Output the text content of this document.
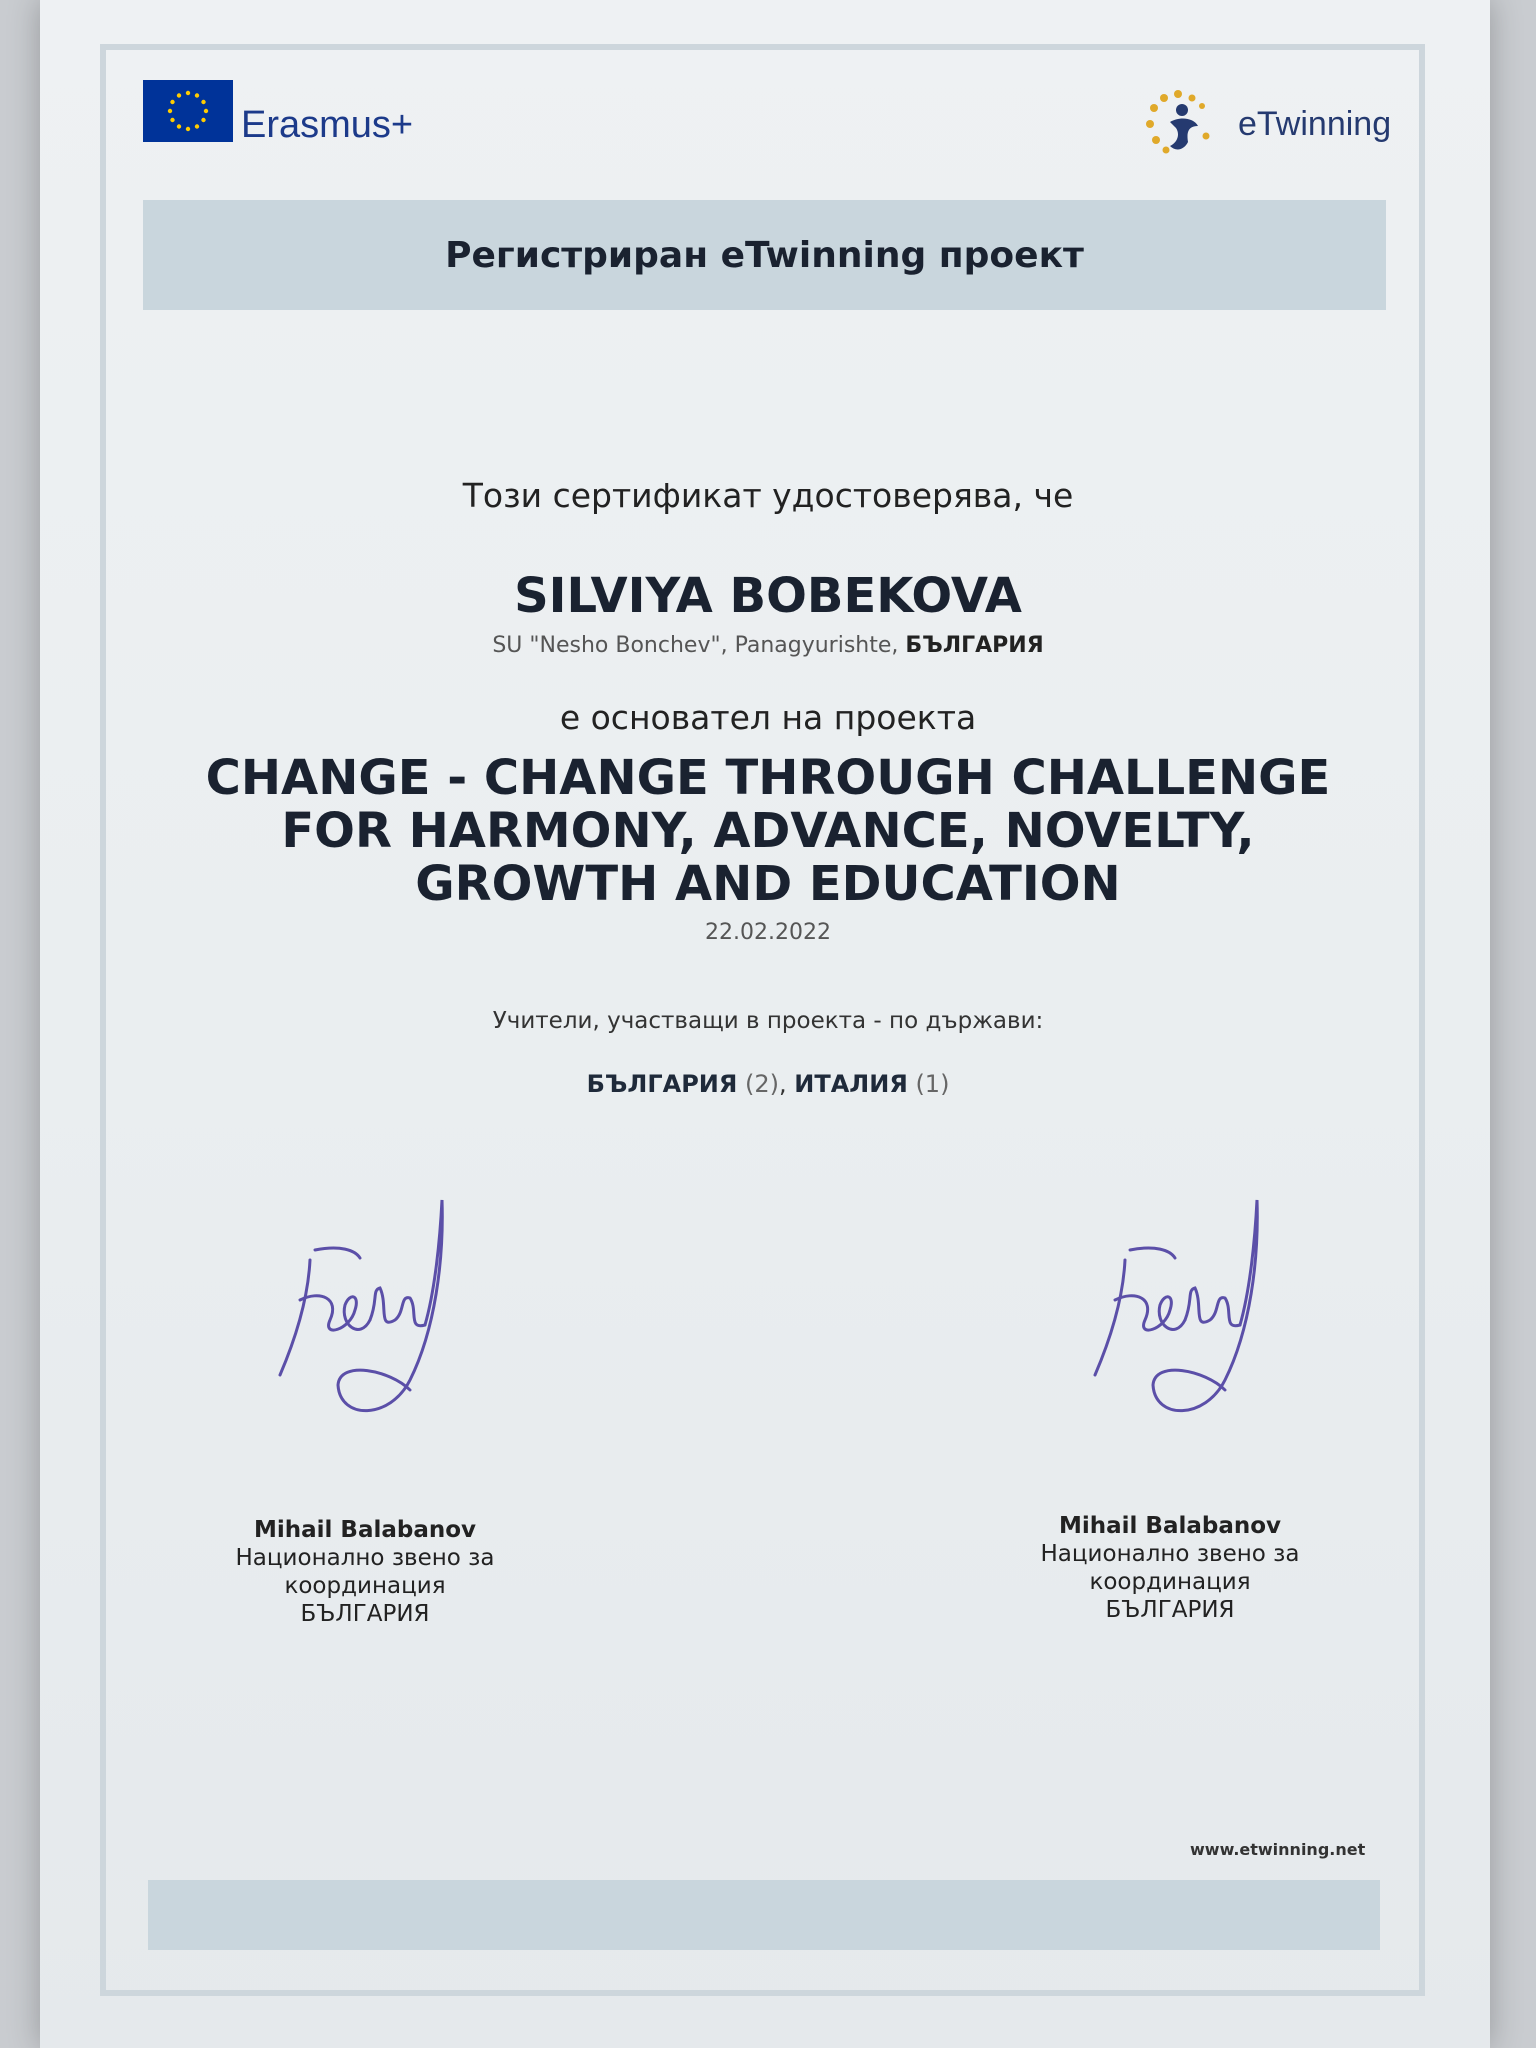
Erasmus+	eTwinning
Регистриран eTwinning проект
Този сертификат удостоверява, че
SILVIYA BOBEKOVA
SU "Nesho Bonchev", Panagyurishte, БЪЛГАРИЯ
е основател на проекта
CHANGE - CHANGE THROUGH CHALLENGE FOR HARMONY, ADVANCE, NOVELTY, GROWTH AND EDUCATION
22.02.2022
Учители, участващи в проекта - по държави:
БЪЛГАРИЯ (2), ИТАЛИЯ (1)
Mihail Balabanov
Национално звено за координация
БЪЛГАРИЯ
Mihail Balabanov
Национално звено за координация
БЪЛГАРИЯ
www.etwinning.net
